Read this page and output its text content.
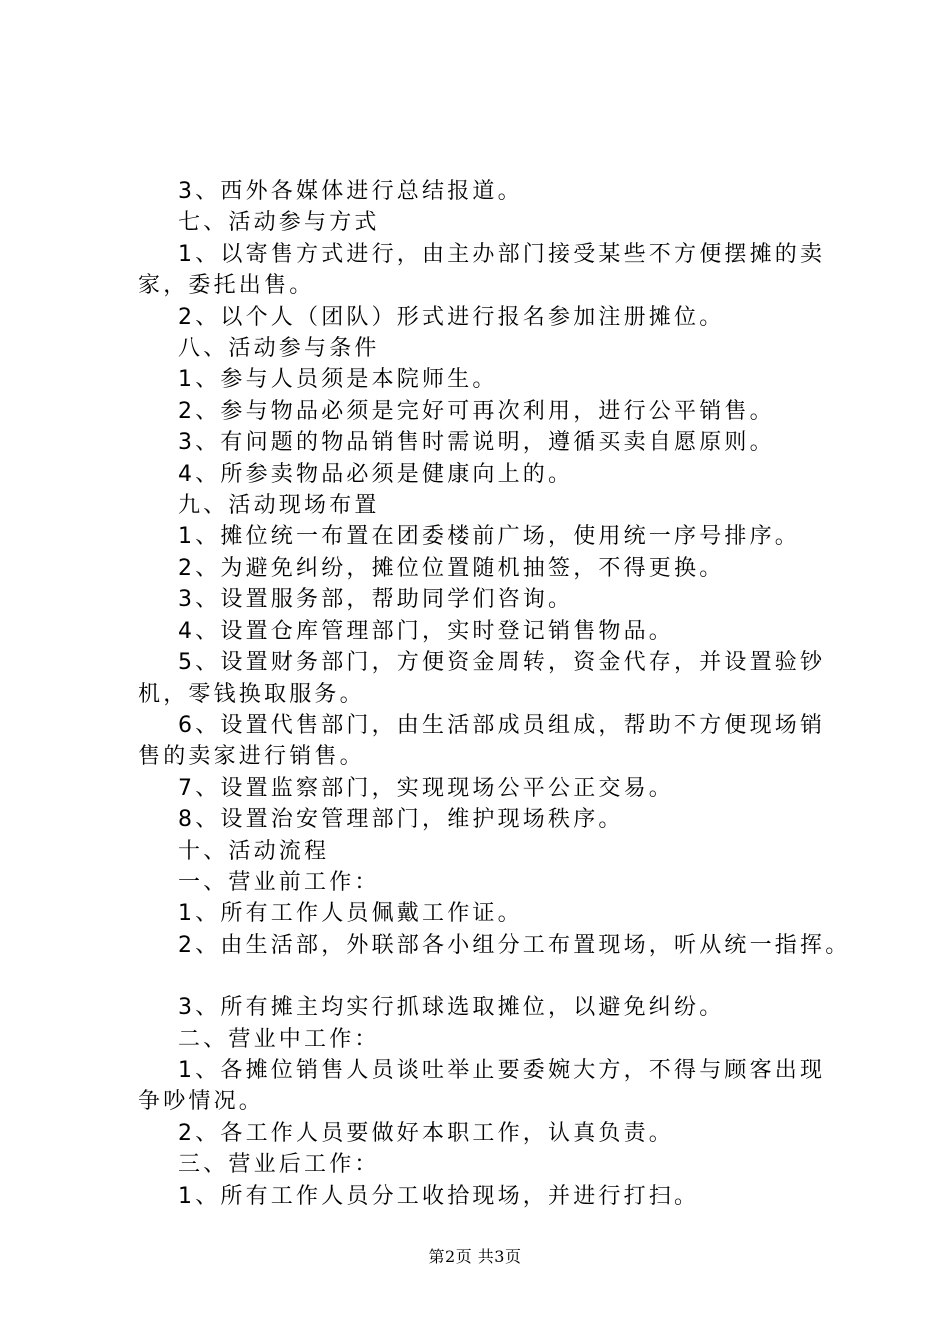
3、西外各媒体进行总结报道。
七、活动参与方式
1、以寄售方式进行，由主办部门接受某些不方便摆摊的卖
家，委托出售。
2、以个人（团队）形式进行报名参加注册摊位。
八、活动参与条件
1、参与人员须是本院师生。
2、参与物品必须是完好可再次利用，进行公平销售。
3、有问题的物品销售时需说明，遵循买卖自愿原则。
4、所参卖物品必须是健康向上的。
九、活动现场布置
1、摊位统一布置在团委楼前广场，使用统一序号排序。
2、为避免纠纷，摊位位置随机抽签，不得更换。
3、设置服务部，帮助同学们咨询。
4、设置仓库管理部门，实时登记销售物品。
5、设置财务部门，方便资金周转，资金代存，并设置验钞
机，零钱换取服务。
6、设置代售部门，由生活部成员组成，帮助不方便现场销
售的卖家进行销售。
7、设置监察部门，实现现场公平公正交易。
8、设置治安管理部门，维护现场秩序。
十、活动流程
一、营业前工作：
1、所有工作人员佩戴工作证。
2、由生活部，外联部各小组分工布置现场，听从统一指挥。
3、所有摊主均实行抓球选取摊位，以避免纠纷。
二、营业中工作：
1、各摊位销售人员谈吐举止要委婉大方，不得与顾客出现
争吵情况。
2、各工作人员要做好本职工作，认真负责。
三、营业后工作：
1、所有工作人员分工收拾现场，并进行打扫。
第2页 共3页
